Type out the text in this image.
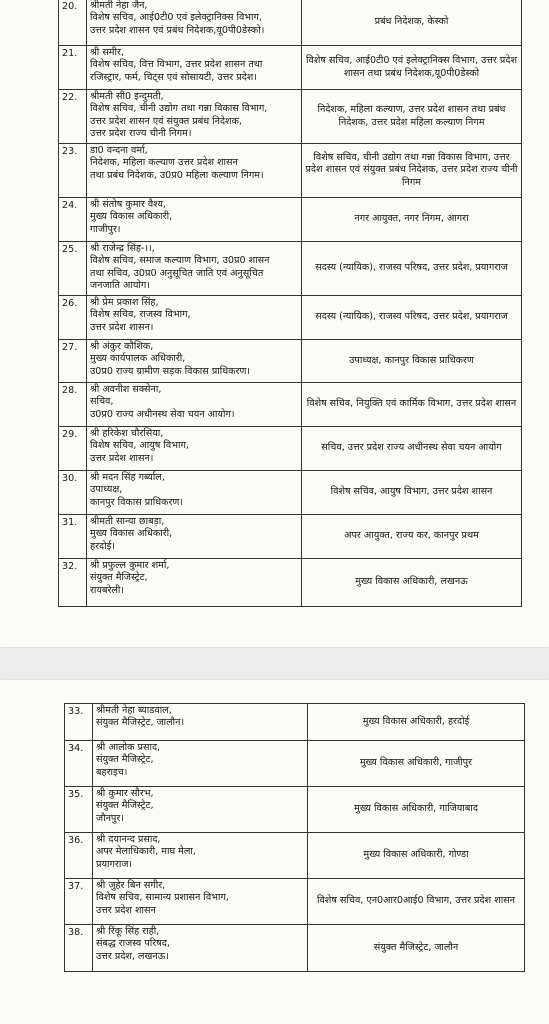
20.	श्रीमती नेहा जैन,
विशेष सचिव, आई0टी0 एवं इलेक्ट्रानिक्स विभाग,
उत्तर प्रदेश शासन एवं प्रबंध निदेशक,यू0पी0डेस्को।	प्रबंध निदेशक, केस्को
21.	श्री समीर,
विशेष सचिव, वित्त विभाग, उत्तर प्रदेश शासन तथा
रजिस्ट्रार, फर्म, चिट्स एवं सोसायटी, उत्तर प्रदेश।	विशेष सचिव, आई0टी0 एवं इलेक्ट्रानिक्स विभाग, उत्तर प्रदेश शासन तथा प्रबंध निदेशक,यू0पी0डेस्को
22.	श्रीमती सी0 इन्दुमती,
विशेष सचिव, चीनी उद्योग तथा गन्ना विकास विभाग,
उत्तर प्रदेश शासन एवं संयुक्त प्रबंध निदेशक,
उत्तर प्रदेश राज्य चीनी निगम।	निदेशक, महिला कल्याण, उत्तर प्रदेश शासन तथा प्रबंध निदेशक, उत्तर प्रदेश महिला कल्याण निगम
23.	डा0 वन्दना वर्मा,
निदेशक, महिला कल्याण उत्तर प्रदेश शासन
तथा प्रबंध निदेशक, उ0प्र0 महिला कल्याण निगम।	विशेष सचिव, चीनी उद्योग तथा गन्ना विकास विभाग, उत्तर प्रदेश शासन एवं संयुक्त प्रबंध निदेशक, उत्तर प्रदेश राज्य चीनी निगम
24.	श्री संतोष कुमार वैश्य,
मुख्य विकास अधिकारी,
गाजीपुर।	नगर आयुक्त, नगर निगम, आगरा
25.	श्री राजेन्द्र सिंह-।।,
विशेष सचिव, समाज कल्याण विभाग, उ0प्र0 शासन
तथा सचिव, उ0प्र0 अनुसूचित जाति एवं अनुसूचित
जनजाति आयोग।	सदस्य (न्यायिक), राजस्व परिषद, उत्तर प्रदेश, प्रयागराज
26.	श्री प्रेम प्रकाश सिंह,
विशेष सचिव, राजस्व विभाग,
उत्तर प्रदेश शासन।	सदस्य (न्यायिक), राजस्व परिषद, उत्तर प्रदेश, प्रयागराज
27.	श्री अंकुर कौशिक,
मुख्य कार्यपालक अधिकारी,
उ0प्र0 राज्य ग्रामीण सड़क विकास प्राधिकरण।	उपाध्यक्ष, कानपुर विकास प्राधिकरण
28.	श्री अवनीश सक्सेना,
सचिव,
उ0प्र0 राज्य अधीनस्थ सेवा चयन आयोग।	विशेष सचिव, नियुक्ति एवं कार्मिक विभाग, उत्तर प्रदेश शासन
29.	श्री हरिकेश चौरसिया,
विशेष सचिव, आयुष विभाग,
उत्तर प्रदेश शासन।	सचिव, उत्तर प्रदेश राज्य अधीनस्थ सेवा चयन आयोग
30.	श्री मदन सिंह गर्ब्याल,
उपाध्यक्ष,
कानपुर विकास प्राधिकरण।	विशेष सचिव, आयुष विभाग, उत्तर प्रदेश शासन
31.	श्रीमती सान्या छाबड़ा,
मुख्य विकास अधिकारी,
हरदोई।	अपर आयुक्त, राज्य कर, कानपुर प्रथम
32.	श्री प्रफुल्ल कुमार शर्मा,
संयुक्त मैजिस्ट्रेट,
रायबरेली।	मुख्य विकास अधिकारी, लखनऊ
33.	श्रीमती नेहा ब्याडवाल,
संयुक्त मैजिस्ट्रेट, जालौन।	मुख्य विकास अधिकारी, हरदोई
34.	श्री आलोक प्रसाद,
संयुक्त मैजिस्ट्रेट,
बहराइच।	मुख्य विकास अधिकारी, गाजीपुर
35.	श्री कुमार सौरभ,
संयुक्त मैजिस्ट्रेट,
जौनपुर।	मुख्य विकास अधिकारी, गाजियाबाद
36.	श्री दयानन्द प्रसाद,
अपर मेलाधिकारी, माघ मेला,
प्रयागराज।	मुख्य विकास अधिकारी, गोण्डा
37.	श्री जुहेर बिन सगीर,
विशेष सचिव, सामान्य प्रशासन विभाग,
उत्तर प्रदेश शासन	विशेष सचिव, एन0आर0आई0 विभाग, उत्तर प्रदेश शासन
38.	श्री रिंकू सिंह राही,
संबद्ध राजस्व परिषद,
उत्तर प्रदेश, लखनऊ।	संयुक्त मैजिस्ट्रेट, जालौन
